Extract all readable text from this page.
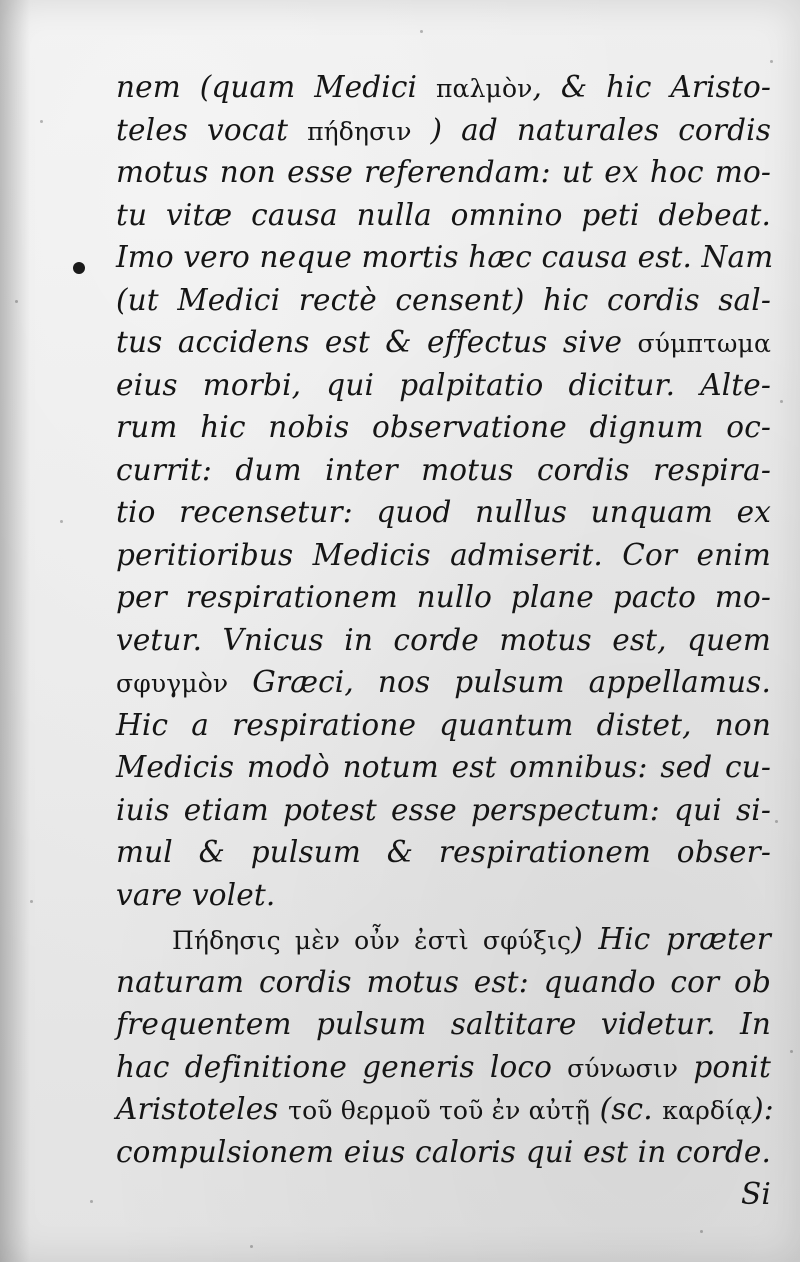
nem (quam Medici παλμὸν, & hic Aristo-
teles vocat πήδησιν ) ad naturales cordis
motus non esse referendam: ut ex hoc mo-
tu vitæ causa nulla omnino peti debeat.
Imo vero neque mortis hæc causa est. Nam
(ut Medici rectè censent) hic cordis sal-
tus accidens est & effectus sive σύμπτωμα
eius morbi, qui palpitatio dicitur. Alte-
rum hic nobis observatione dignum oc-
currit: dum inter motus cordis respira-
tio recensetur: quod nullus unquam ex
peritioribus Medicis admiserit. Cor enim
per respirationem nullo plane pacto mo-
vetur. Vnicus in corde motus est, quem
σφυγμὸν Græci, nos pulsum appellamus.
Hic a respiratione quantum distet, non
Medicis modò notum est omnibus: sed cu-
iuis etiam potest esse perspectum: qui si-
mul & pulsum & respirationem obser-
vare volet.
Πήδησις μὲν οὖν ἐστὶ σφύξις) Hic præter
naturam cordis motus est: quando cor ob
frequentem pulsum saltitare videtur. In
hac definitione generis loco σύνωσιν ponit
Aristoteles τοῦ θερμοῦ τοῦ ἐν αὐτῇ (sc. καρδίᾳ):
compulsionem eius caloris qui est in corde.
Si
